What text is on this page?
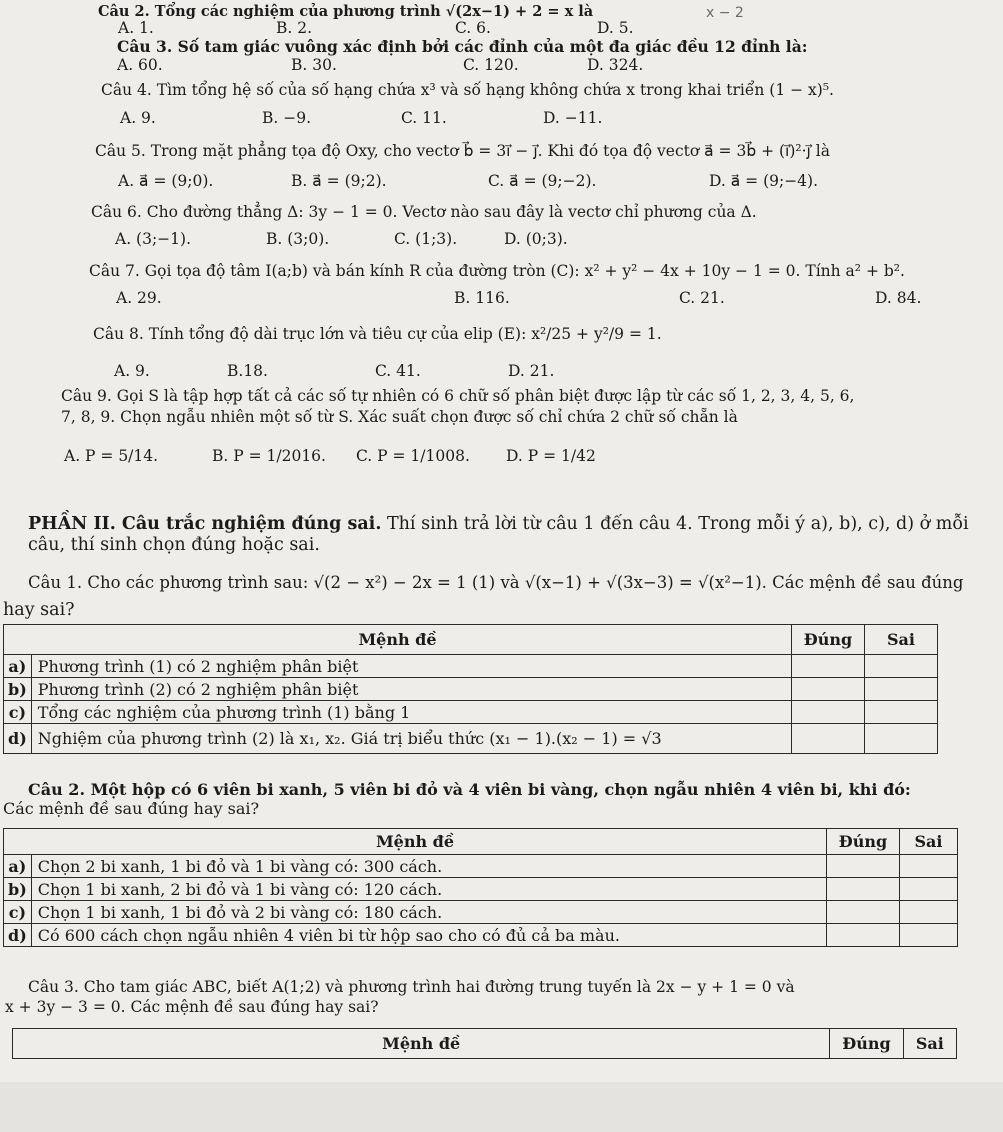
Câu 2. Tổng các nghiệm của phương trình √(2x−1) + 2 = x là	x − 2
A. 1.	B. 2.	C. 6.	D. 5.
Câu 3. Số tam giác vuông xác định bởi các đỉnh của một đa giác đều 12 đỉnh là:
A. 60.	B. 30.	C. 120.	D. 324.
Câu 4. Tìm tổng hệ số của số hạng chứa x³ và số hạng không chứa x trong khai triển (1 − x)⁵.
A. 9.	B. −9.	C. 11.	D. −11.
Câu 5. Trong mặt phẳng tọa độ Oxy, cho vectơ b⃗ = 3i⃗ − j⃗. Khi đó tọa độ vectơ a⃗ = 3b⃗ + (i⃗)²·j⃗ là
A. a⃗ = (9;0).	B. a⃗ = (9;2).	C. a⃗ = (9;−2).	D. a⃗ = (9;−4).
Câu 6. Cho đường thẳng Δ: 3y − 1 = 0. Vectơ nào sau đây là vectơ chỉ phương của Δ.
A. (3;−1).	B. (3;0).	C. (1;3).	D. (0;3).
Câu 7. Gọi tọa độ tâm I(a;b) và bán kính R của đường tròn (C): x² + y² − 4x + 10y − 1 = 0. Tính a² + b².
A. 29.	B. 116.	C. 21.	D. 84.
Câu 8. Tính tổng độ dài trục lớn và tiêu cự của elip (E): x²/25 + y²/9 = 1.
A. 9.	B.18.	C. 41.	D. 21.
Câu 9. Gọi S là tập hợp tất cả các số tự nhiên có 6 chữ số phân biệt được lập từ các số 1, 2, 3, 4, 5, 6,
7, 8, 9. Chọn ngẫu nhiên một số từ S. Xác suất chọn được số chỉ chứa 2 chữ số chẵn là
A. P = 5/14.	B. P = 1/2016. C. P = 1/1008. D. P = 1/42
PHẦN II. Câu trắc nghiệm đúng sai. Thí sinh trả lời từ câu 1 đến câu 4. Trong mỗi ý a), b), c), d) ở mỗi
câu, thí sinh chọn đúng hoặc sai.
Câu 1. Cho các phương trình sau: √(2 − x²) − 2x = 1 (1) và √(x−1) + √(3x−3) = √(x²−1). Các mệnh đề sau đúng
hay sai?
Mệnh đề		Đúng	Sai
a)	Phương trình (1) có 2 nghiệm phân biệt		
b)	Phương trình (2) có 2 nghiệm phân biệt		
c)	Tổng các nghiệm của phương trình (1) bằng 1		
d)	Nghiệm của phương trình (2) là x₁, x₂. Giá trị biểu thức (x₁ − 1).(x₂ − 1) = √3		
Câu 2. Một hộp có 6 viên bi xanh, 5 viên bi đỏ và 4 viên bi vàng, chọn ngẫu nhiên 4 viên bi, khi đó:
Các mệnh đề sau đúng hay sai?
Mệnh đề		Đúng	Sai
a)	Chọn 2 bi xanh, 1 bi đỏ và 1 bi vàng có: 300 cách.		
b)	Chọn 1 bi xanh, 2 bi đỏ và 1 bi vàng có: 120 cách.		
c)	Chọn 1 bi xanh, 1 bi đỏ và 2 bi vàng có: 180 cách.		
d)	Có 600 cách chọn ngẫu nhiên 4 viên bi từ hộp sao cho có đủ cả ba màu.		
Câu 3. Cho tam giác ABC, biết A(1;2) và phương trình hai đường trung tuyến là 2x − y + 1 = 0 và
x + 3y − 3 = 0. Các mệnh đề sau đúng hay sai?
Mệnh đề	Đúng	Sai
